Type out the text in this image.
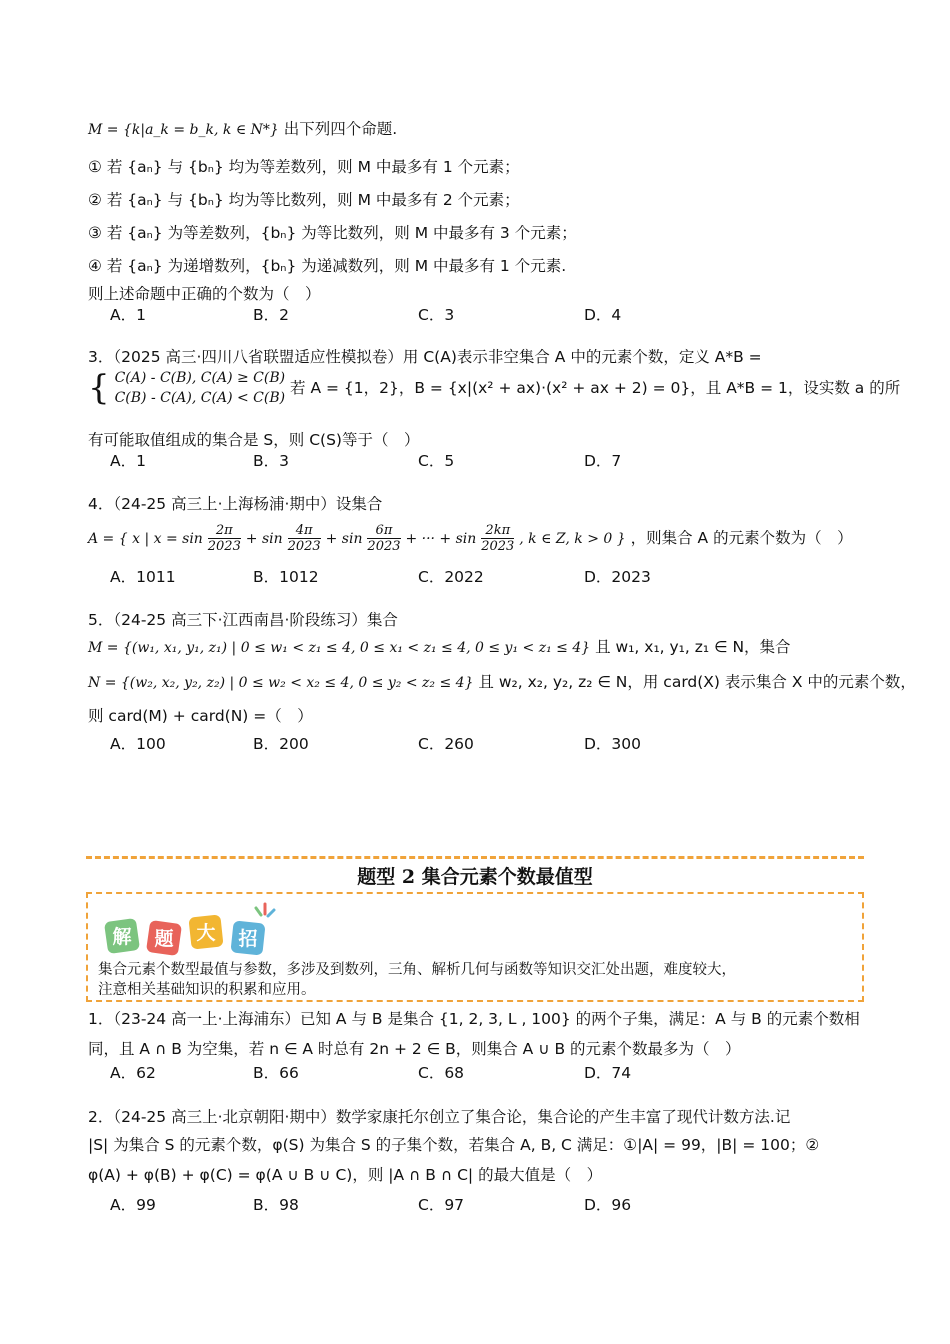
M = {k|a_k = b_k, k ∈ N*} 出下列四个命题.
① 若 {aₙ} 与 {bₙ} 均为等差数列，则 M 中最多有 1 个元素；
② 若 {aₙ} 与 {bₙ} 均为等比数列，则 M 中最多有 2 个元素；
③ 若 {aₙ} 为等差数列，{bₙ} 为等比数列，则 M 中最多有 3 个元素；
④ 若 {aₙ} 为递增数列，{bₙ} 为递减数列，则 M 中最多有 1 个元素.
则上述命题中正确的个数为（　）
A．1	B．2	C．3	D．4
3．（2025 高三·四川八省联盟适应性模拟卷）用 C(A)表示非空集合 A 中的元素个数，定义 A*B =
{ C(A) - C(B), C(A) ≥ C(B)
C(B) - C(A), C(A) < C(B)
若 A = {1，2}，B = {x|(x² + ax)·(x² + ax + 2) = 0}，且 A*B = 1，设实数 a 的所
有可能取值组成的集合是 S，则 C(S)等于（　）
A．1	B．3	C．5	D．7
4．（24-25 高三上·上海杨浦·期中）设集合
A = { x | $x = \sin \frac{2\pi}{2023} + \sin \frac{4\pi}{2023} + \sin \frac{6\pi}{2023}$ + ··· + $\sin \frac{2k\pi}{2023}$ , k ∈ Z, k > 0 } ，则集合 A 的元素个数为（　）
A．1011	B．1012	C．2022	D．2023
5．（24-25 高三下·江西南昌·阶段练习）集合
M = {(w₁, x₁, y₁, z₁) | 0 ≤ w₁ < z₁ ≤ 4, 0 ≤ x₁ < z₁ ≤ 4, 0 ≤ y₁ < z₁ ≤ 4} 且 w₁, x₁, y₁, z₁ ∈ N，集合
N = {(w₂, x₂, y₂, z₂) | 0 ≤ w₂ < x₂ ≤ 4, 0 ≤ y₂ < z₂ ≤ 4} 且 w₂, x₂, y₂, z₂ ∈ N，用 card(X) 表示集合 X 中的元素个数，
则 card(M) + card(N) =（　）
A．100	B．200	C．260	D．300
题型 2 集合元素个数最值型
解 题 大 招
集合元素个数型最值与参数，多涉及到数列，三角、解析几何与函数等知识交汇处出题，难度较大，
注意相关基础知识的积累和应用。
1．（23-24 高一上·上海浦东）已知 A 与 B 是集合 {1, 2, 3, L , 100} 的两个子集，满足：A 与 B 的元素个数相
同，且 A ∩ B 为空集，若 n ∈ A 时总有 2n + 2 ∈ B，则集合 A ∪ B 的元素个数最多为（　）
A．62	B．66	C．68	D．74
2．（24-25 高三上·北京朝阳·期中）数学家康托尔创立了集合论，集合论的产生丰富了现代计数方法.记
|S| 为集合 S 的元素个数，φ(S) 为集合 S 的子集个数，若集合 A, B, C 满足：①|A| = 99，|B| = 100；②
φ(A) + φ(B) + φ(C) = φ(A ∪ B ∪ C)，则 |A ∩ B ∩ C| 的最大值是（　）
A．99	B．98	C．97	D．96
